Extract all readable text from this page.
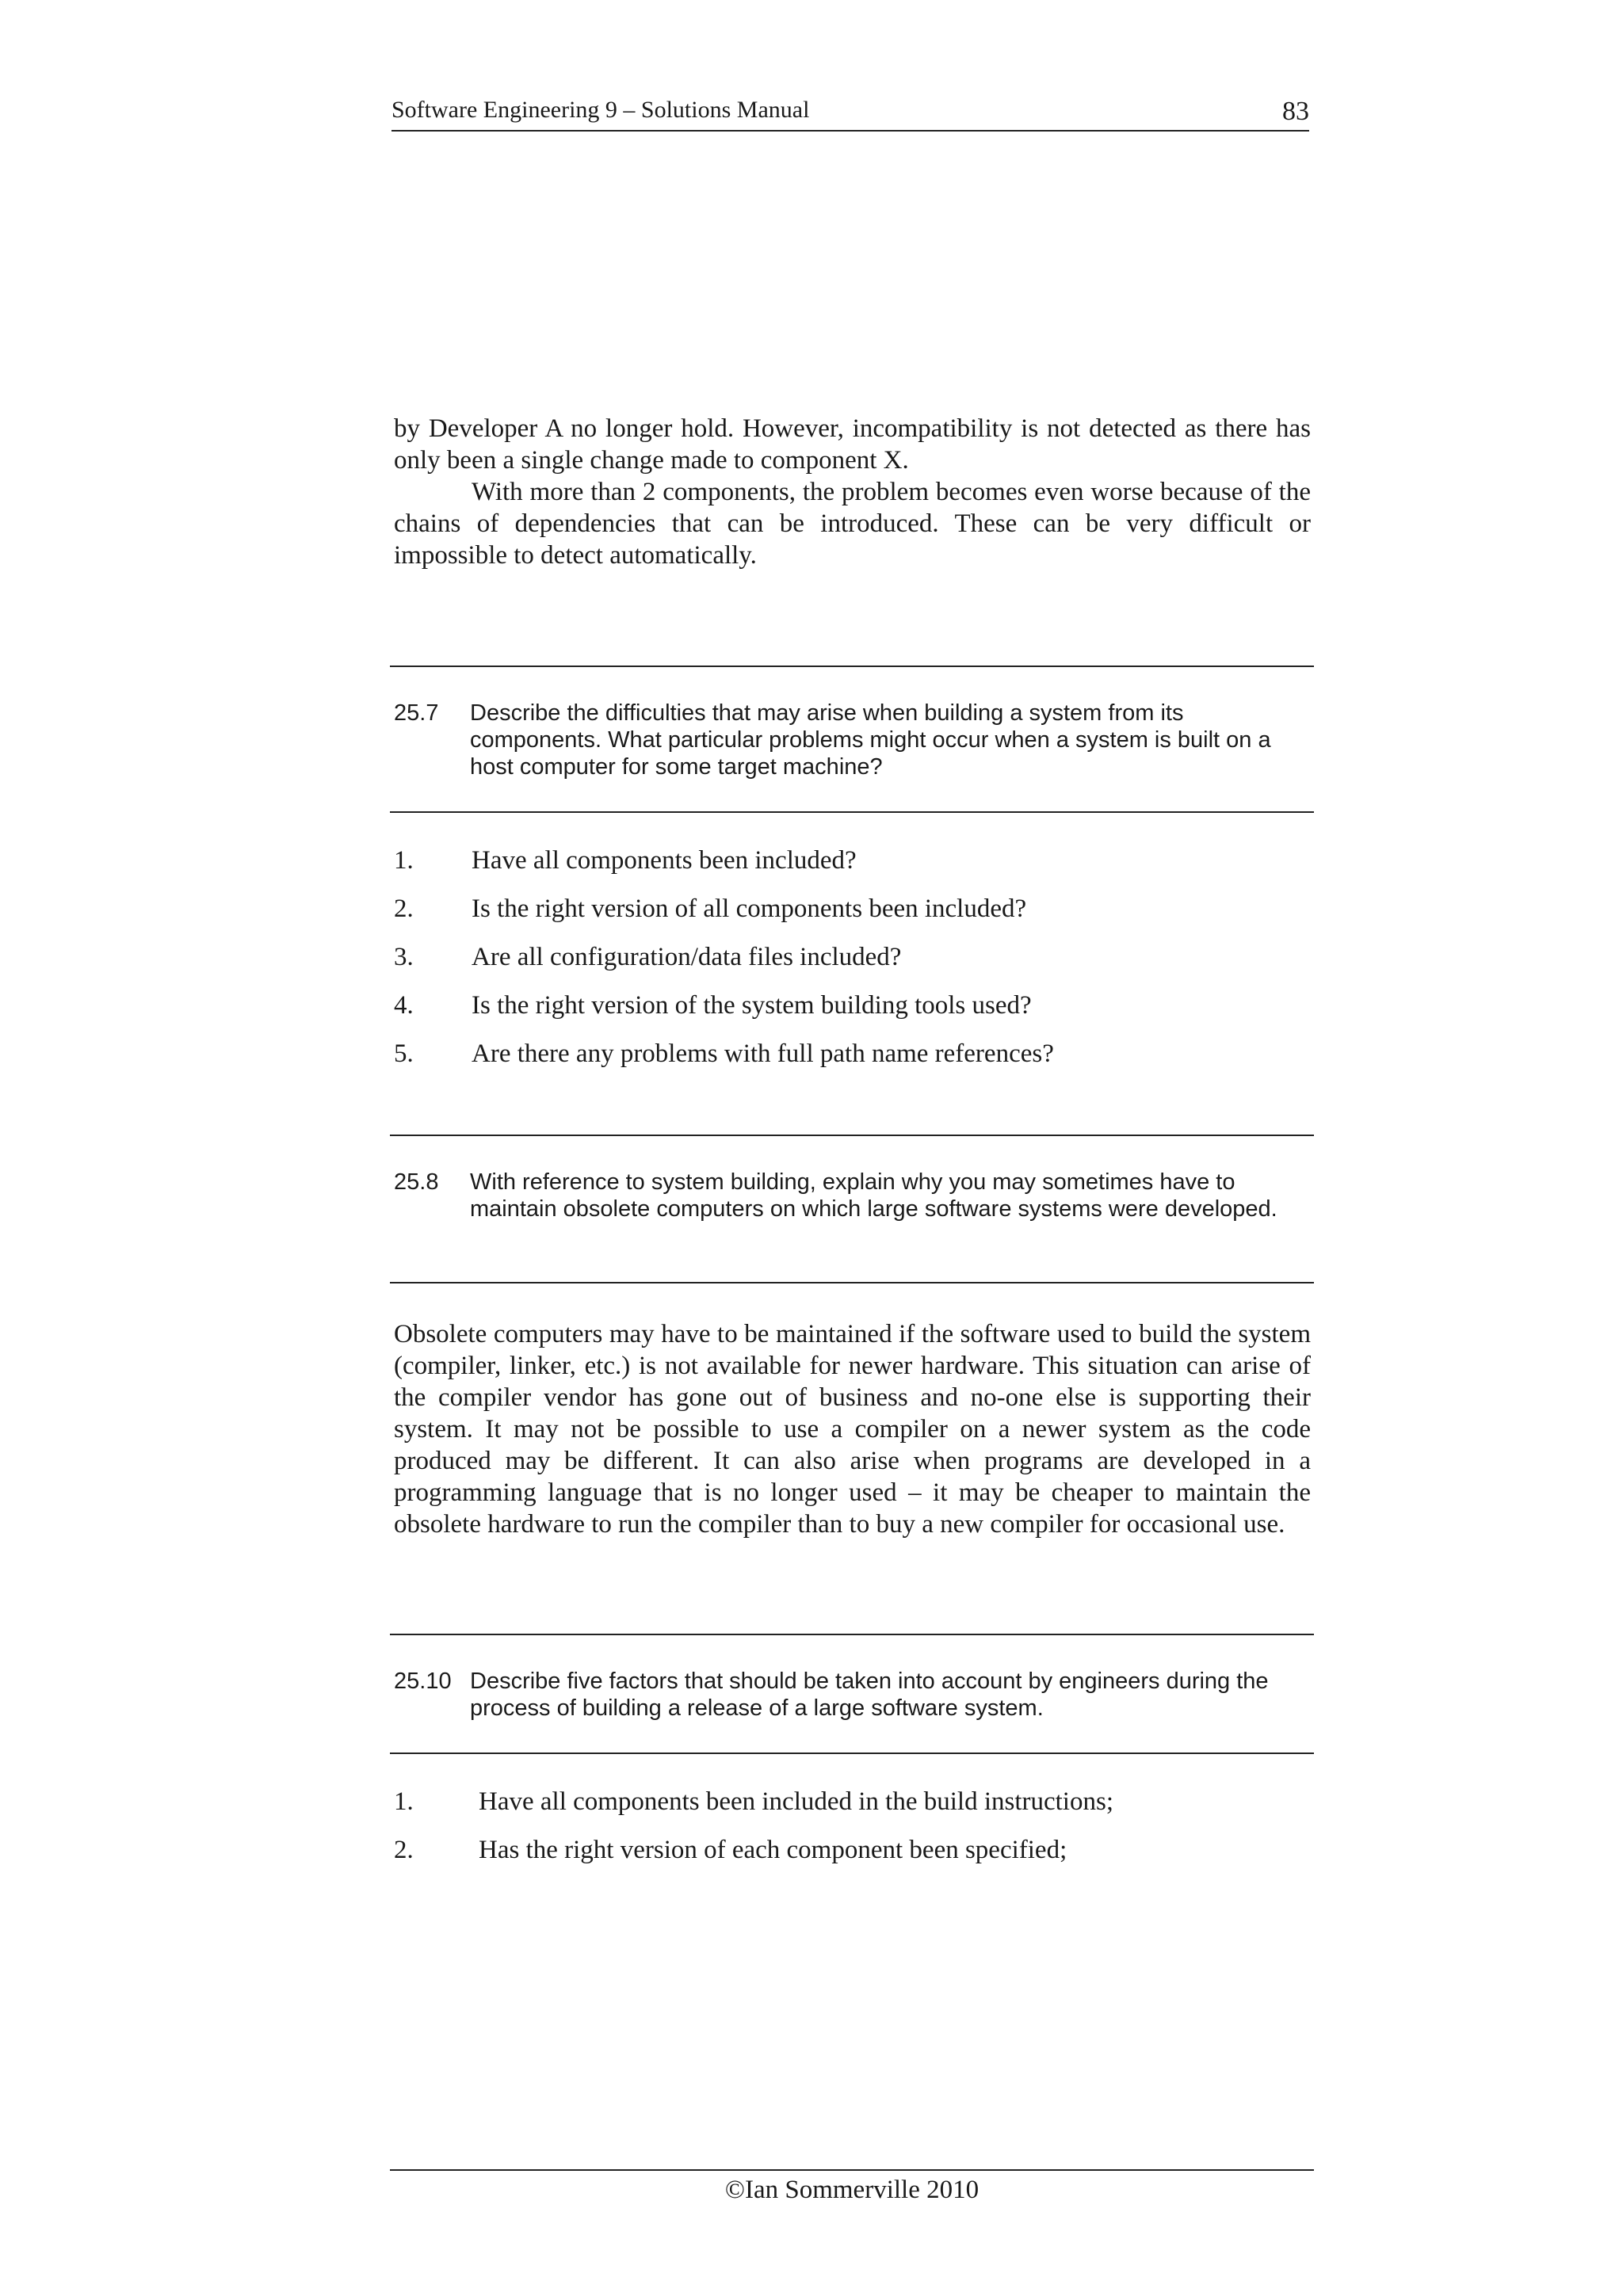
Software Engineering 9 – Solutions Manual	83

by Developer A no longer hold. However, incompatibility is not detected as there has only been a single change made to component X.

With more than 2 components, the problem becomes even worse because of the chains of dependencies that can be introduced. These can be very difficult or impossible to detect automatically.

25.7 Describe the difficulties that may arise when building a system from its components. What particular problems might occur when a system is built on a host computer for some target machine?
1. Have all components been included?
2. Is the right version of all components been included?
3. Are all configuration/data files included?
4. Is the right version of the system building tools used?
5. Are there any problems with full path name references?
25.8 With reference to system building, explain why you may sometimes have to maintain obsolete computers on which large software systems were developed.

Obsolete computers may have to be maintained if the software used to build the system (compiler, linker, etc.) is not available for newer hardware. This situation can arise of the compiler vendor has gone out of business and no-one else is supporting their system. It may not be possible to use a compiler on a newer system as the code produced may be different. It can also arise when programs are developed in a programming language that is no longer used – it may be cheaper to maintain the obsolete hardware to run the compiler than to buy a new compiler for occasional use.

25.10 Describe five factors that should be taken into account by engineers during the process of building a release of a large software system.
1. Have all components been included in the build instructions;
2. Has the right version of each component been specified;
©Ian Sommerville 2010
